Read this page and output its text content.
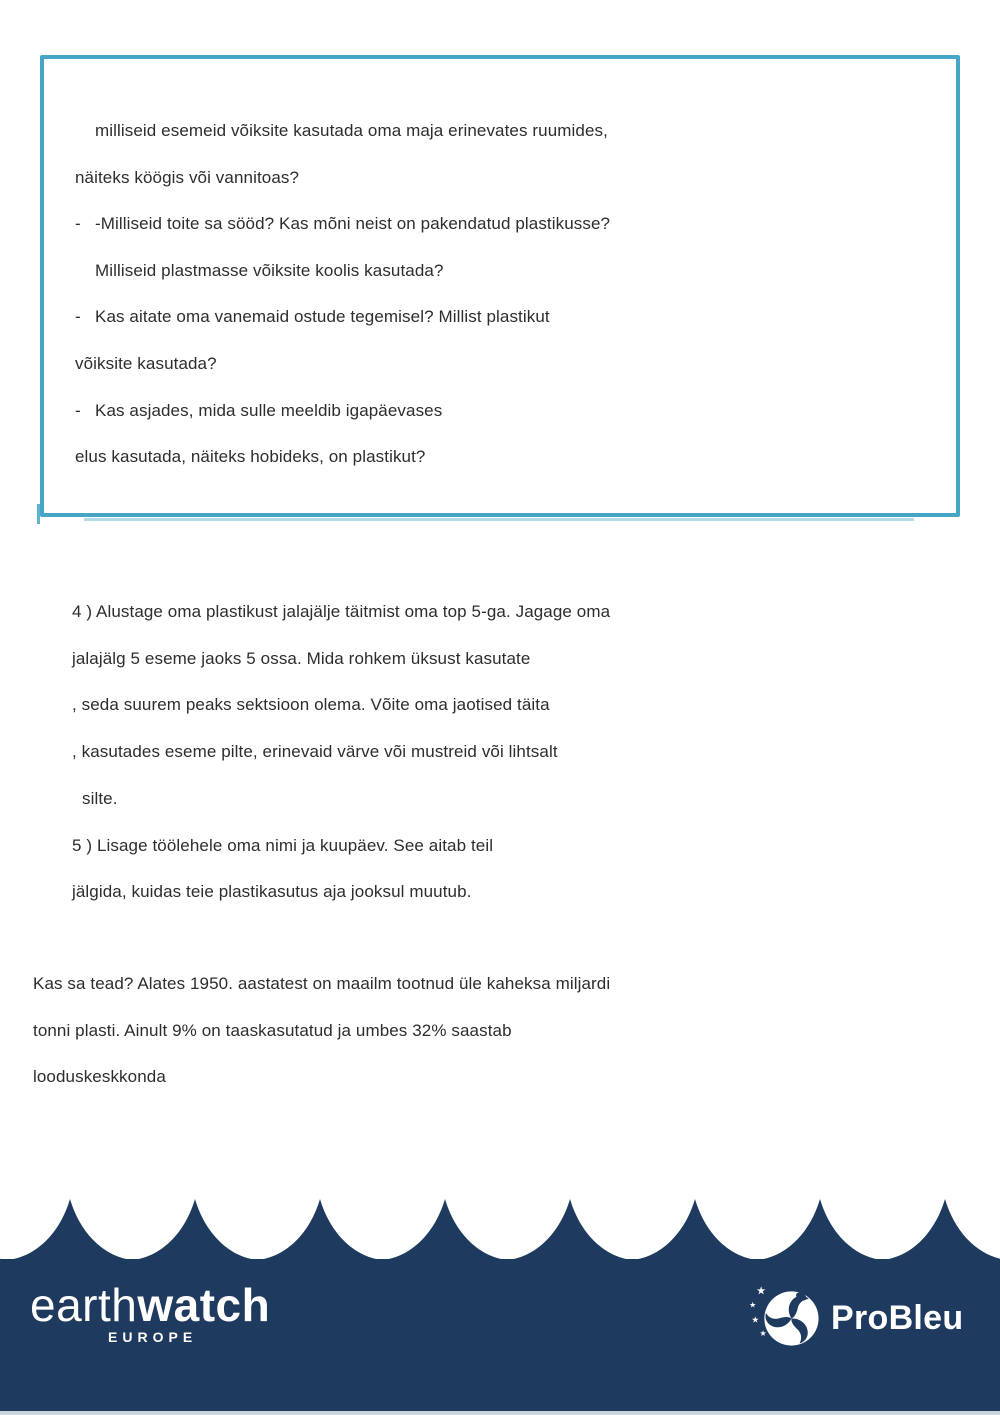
milliseid esemeid võiksite kasutada oma maja erinevates ruumides,
näiteks köögis või vannitoas?
- -Milliseid toite sa sööd? Kas mõni neist on pakendatud plastikusse?
Milliseid plastmasse võiksite koolis kasutada?
- Kas aitate oma vanemaid ostude tegemisel? Millist plastikut
võiksite kasutada?
- Kas asjades, mida sulle meeldib igapäevases
elus kasutada, näiteks hobideks, on plastikut?
4 ) Alustage oma plastikust jalajälje täitmist oma top 5-ga. Jagage oma
jalajälg 5 eseme jaoks 5 ossa. Mida rohkem üksust kasutate
, seda suurem peaks sektsioon olema. Võite oma jaotised täita
, kasutades eseme pilte, erinevaid värve või mustreid või lihtsalt
silte.
5 ) Lisage töölehele oma nimi ja kuupäev. See aitab teil
jälgida, kuidas teie plastikasutus aja jooksul muutub.
Kas sa tead? Alates 1950. aastatest on maailm tootnud üle kaheksa miljardi
tonni plasti. Ainult 9% on taaskasutatud ja umbes 32% saastab
looduskeskkonda
earthwatch
EUROPE	ProBleu
